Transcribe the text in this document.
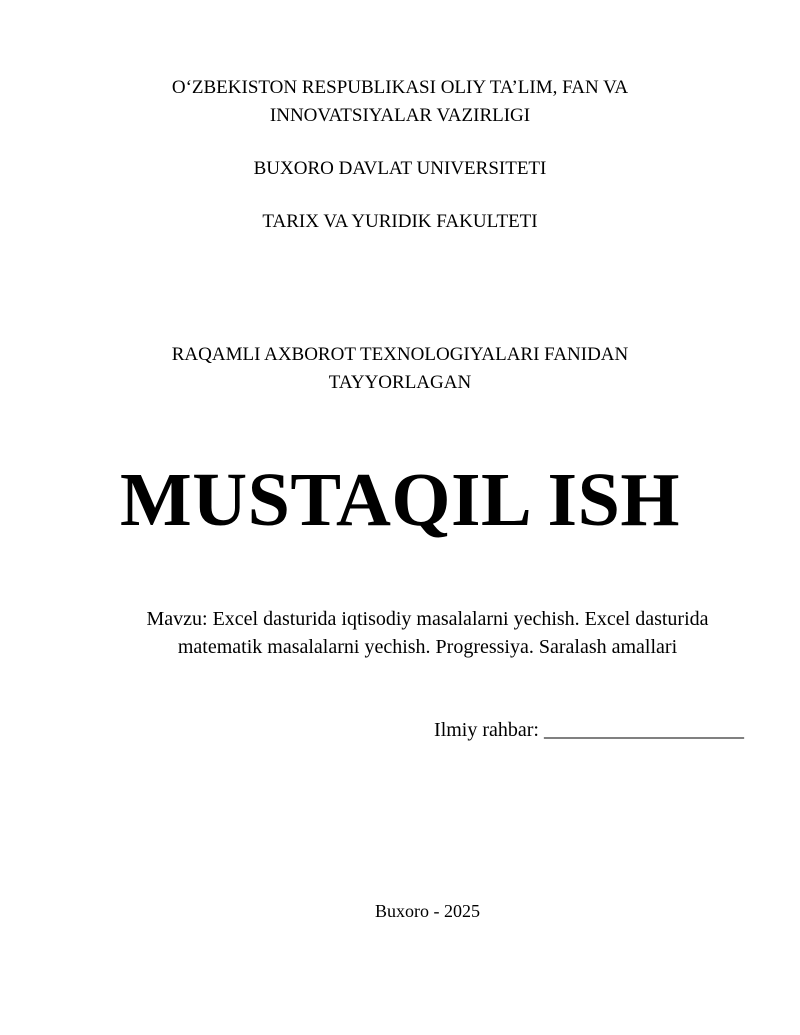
O‘ZBEKISTON RESPUBLIKASI OLIY TA’LIM, FAN VA
INNOVATSIYALAR VAZIRLIGI
BUXORO DAVLAT UNIVERSITETI
TARIX VA YURIDIK FAKULTETI
RAQAMLI AXBOROT TEXNOLOGIYALARI FANIDAN
TAYYORLAGAN
MUSTAQIL ISH
Mavzu: Excel dasturida iqtisodiy masalalarni yechish. Excel dasturida
matematik masalalarni yechish. Progressiya. Saralash amallari
Ilmiy rahbar: ____________________
Buxoro - 2025
